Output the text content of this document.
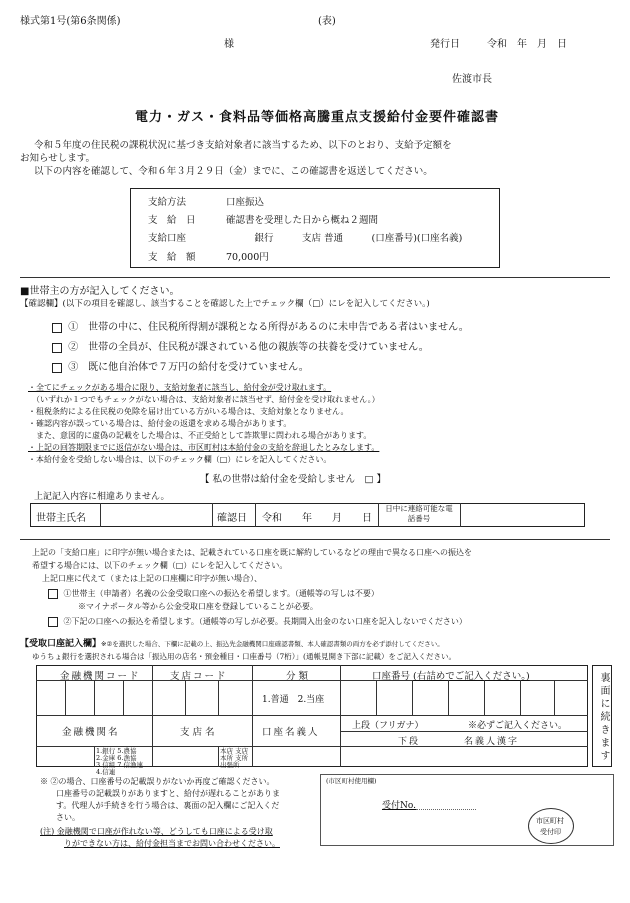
様式第1号(第6条関係)	(表)
様	発行日	令和　年　月　日
佐渡市長
電力・ガス・食料品等価格高騰重点支援給付金要件確認書
令和５年度の住民税の課税状況に基づき支給対象者に該当するため、以下のとおり、支給予定額を
お知らせします。
以下の内容を確認して、令和６年３月２９日（金）までに、この確認書を返送してください。
支給方法	口座振込
支　給　日	確認書を受理した日から概ね２週間
支給口座	　　　銀行　　　支店 普通　　　(口座番号)(口座名義)
支　給　額	70,000円
■世帯主の方が記入してください。
【確認欄】(以下の項目を確認し、該当することを確認した上でチェック欄（□）にレを記入してください。)
①　世帯の中に、住民税所得割が課税となる所得があるのに未申告である者はいません。
②　世帯の全員が、住民税が課されている他の親族等の扶養を受けていません。
③　既に他自治体で７万円の給付を受けていません。
・全てにチェックがある場合に限り、支給対象者に該当し、給付金が受け取れます。
（いずれか１つでもチェックがない場合は、支給対象者に該当せず、給付金を受け取れません。）
・租税条約による住民税の免除を届け出ている方がいる場合は、支給対象となりません。
・確認内容が誤っている場合は、給付金の返還を求める場合があります。
また、意図的に虚偽の記載をした場合は、不正受給として詐欺罪に問われる場合があります。
・上記の回答期限までに返信がない場合は、市区町村は本給付金の支給を辞退したとみなします。
・本給付金を受給しない場合は、以下のチェック欄（□）にレを記入してください。
【 私の世帯は給付金を受給しません　□ 】
上記記入内容に相違ありません。
世帯主氏名	確認日 令和　　年　　月　　日
日中に連絡可能な電話番号
上記の「支給口座」に印字が無い場合または、記載されている口座を既に解約しているなどの理由で異なる口座への振込を
希望する場合には、以下のチェック欄（□）にレを記入してください。
上記口座に代えて（または上記の口座欄に印字が無い場合）、
①世帯主（申請者）名義の公金受取口座への振込を希望します。（通帳等の写しは不要）
※マイナポータル等から公金受取口座を登録していることが必要。
②下記の口座への振込を希望します。（通帳等の写しが必要。長期間入出金のない口座を記入しないでください）
【受取口座記入欄】※②を選択した場合、下欄に記載の上、振込先金融機関口座確認書類、本人確認書類の両方を必ず添付してください。
ゆうちょ銀行を選択される場合は「振込用の店名・預金種目・口座番号（7桁）」(通帳見開き下部に記載）をご記入ください。
金融機関コード	支店コード	分類	口座番号 (右詰めでご記入ください。)
1.普通　2.当座
金融機関名	支店名	口座名義人
上段（フリガナ）	※必ずご記入ください。
下段	名義人漢字
1.銀行 5.農協
2.金庫 6.漁協
3.信組 7.信漁連
4.信連
本店 支店
本所 支所
出張所
裏面に続きます
※ ②の場合、口座番号の記載誤りがないか再度ご確認ください。
口座番号の記載誤りがありますと、給付が遅れることがありま
す。代理人が手続きを行う場合は、裏面の記入欄にご記入くだ
さい。
(注) 金融機関で口座が作れない等、どうしても口座による受け取
りができない方は、給付金担当までお問い合わせください。
(市区町村使用欄)
受付No.
市区町村
受付印
